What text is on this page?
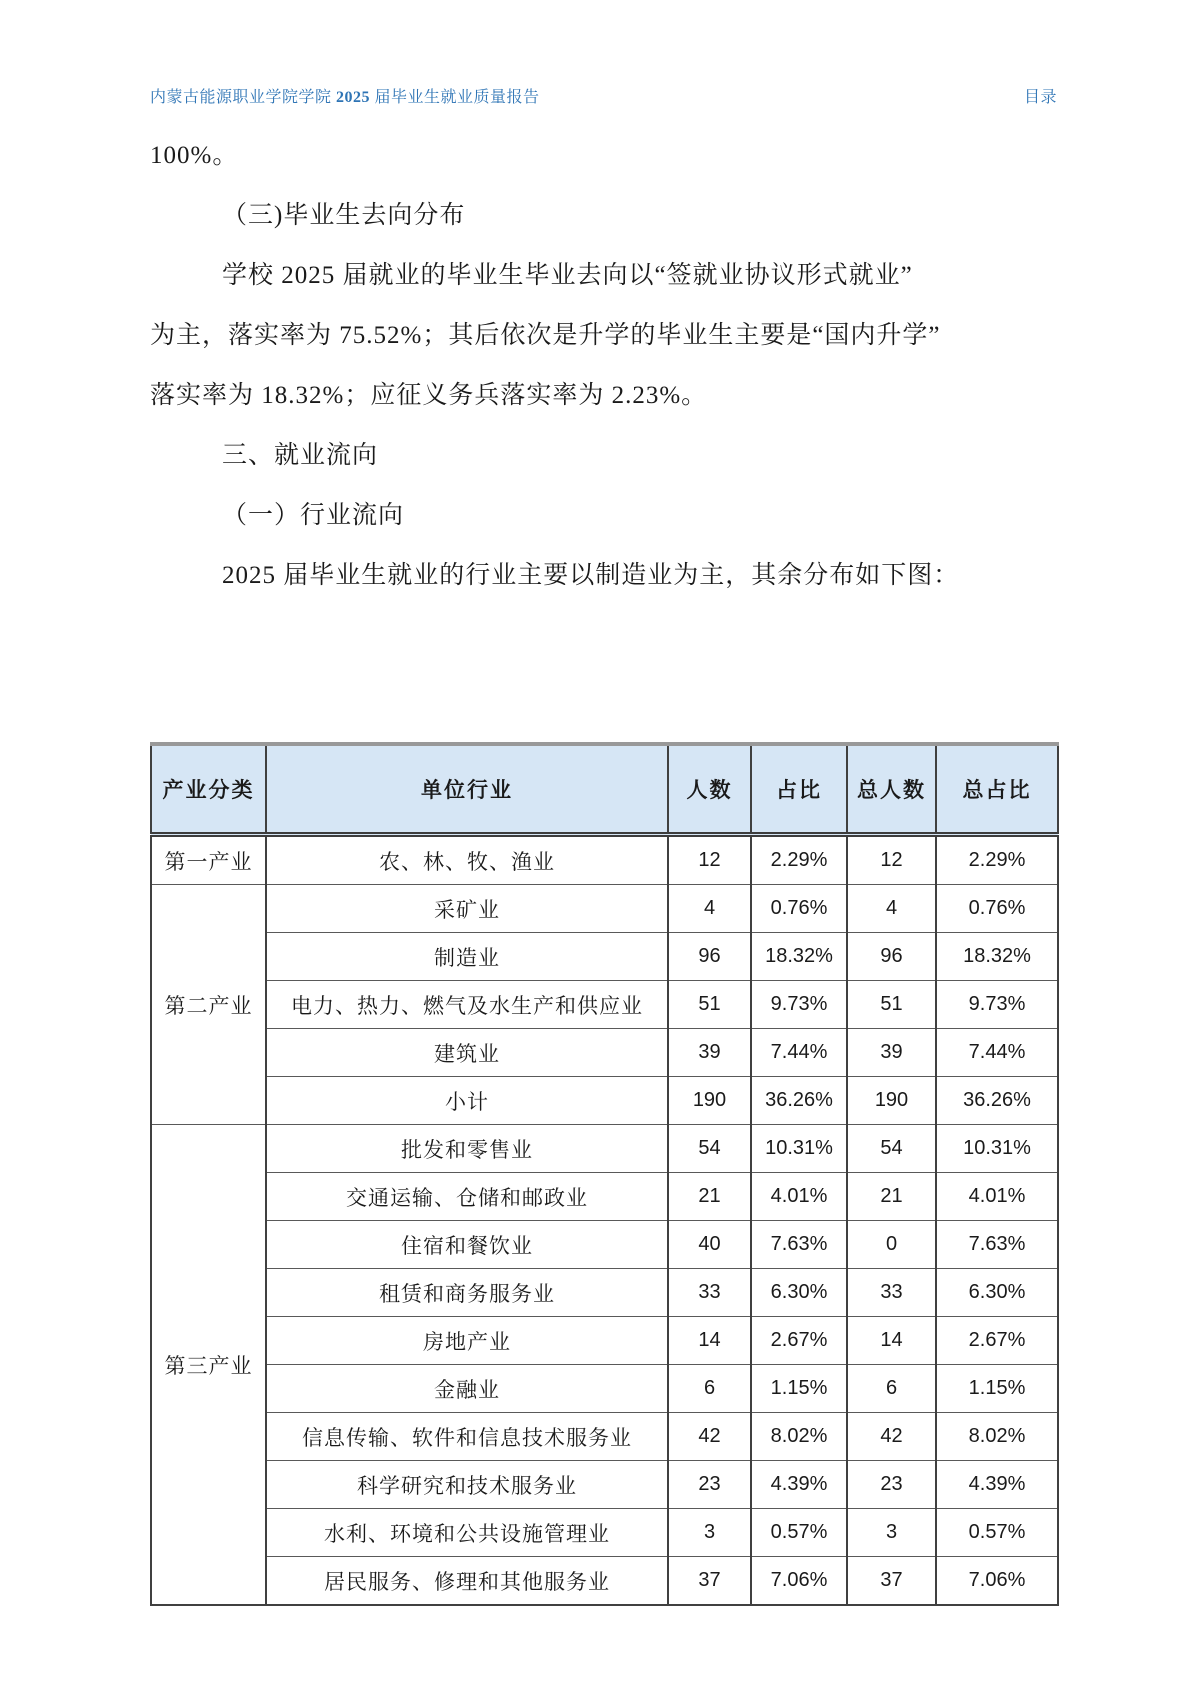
内蒙古能源职业学院学院 2025 届毕业生就业质量报告	目录
100%。
（三)毕业生去向分布
学校 2025 届就业的毕业生毕业去向以“签就业协议形式就业”
为主，落实率为 75.52%；其后依次是升学的毕业生主要是“国内升学”
落实率为 18.32%；应征义务兵落实率为 2.23%。
三、就业流向
（一）行业流向
2025 届毕业生就业的行业主要以制造业为主，其余分布如下图：
产业分类	单位行业	人数	占比	总人数	总占比
第一产业	农、林、牧、渔业	12	2.29%	12	2.29%
第二产业	采矿业	4	0.76%	4	0.76%
	制造业	96	18.32%	96	18.32%
	电力、热力、燃气及水生产和供应业	51	9.73%	51	9.73%
	建筑业	39	7.44%	39	7.44%
	小计	190	36.26%	190	36.26%
第三产业	批发和零售业	54	10.31%	54	10.31%
	交通运输、仓储和邮政业	21	4.01%	21	4.01%
	住宿和餐饮业	40	7.63%	0	7.63%
	租赁和商务服务业	33	6.30%	33	6.30%
	房地产业	14	2.67%	14	2.67%
	金融业	6	1.15%	6	1.15%
	信息传输、软件和信息技术服务业	42	8.02%	42	8.02%
	科学研究和技术服务业	23	4.39%	23	4.39%
	水利、环境和公共设施管理业	3	0.57%	3	0.57%
	居民服务、修理和其他服务业	37	7.06%	37	7.06%
